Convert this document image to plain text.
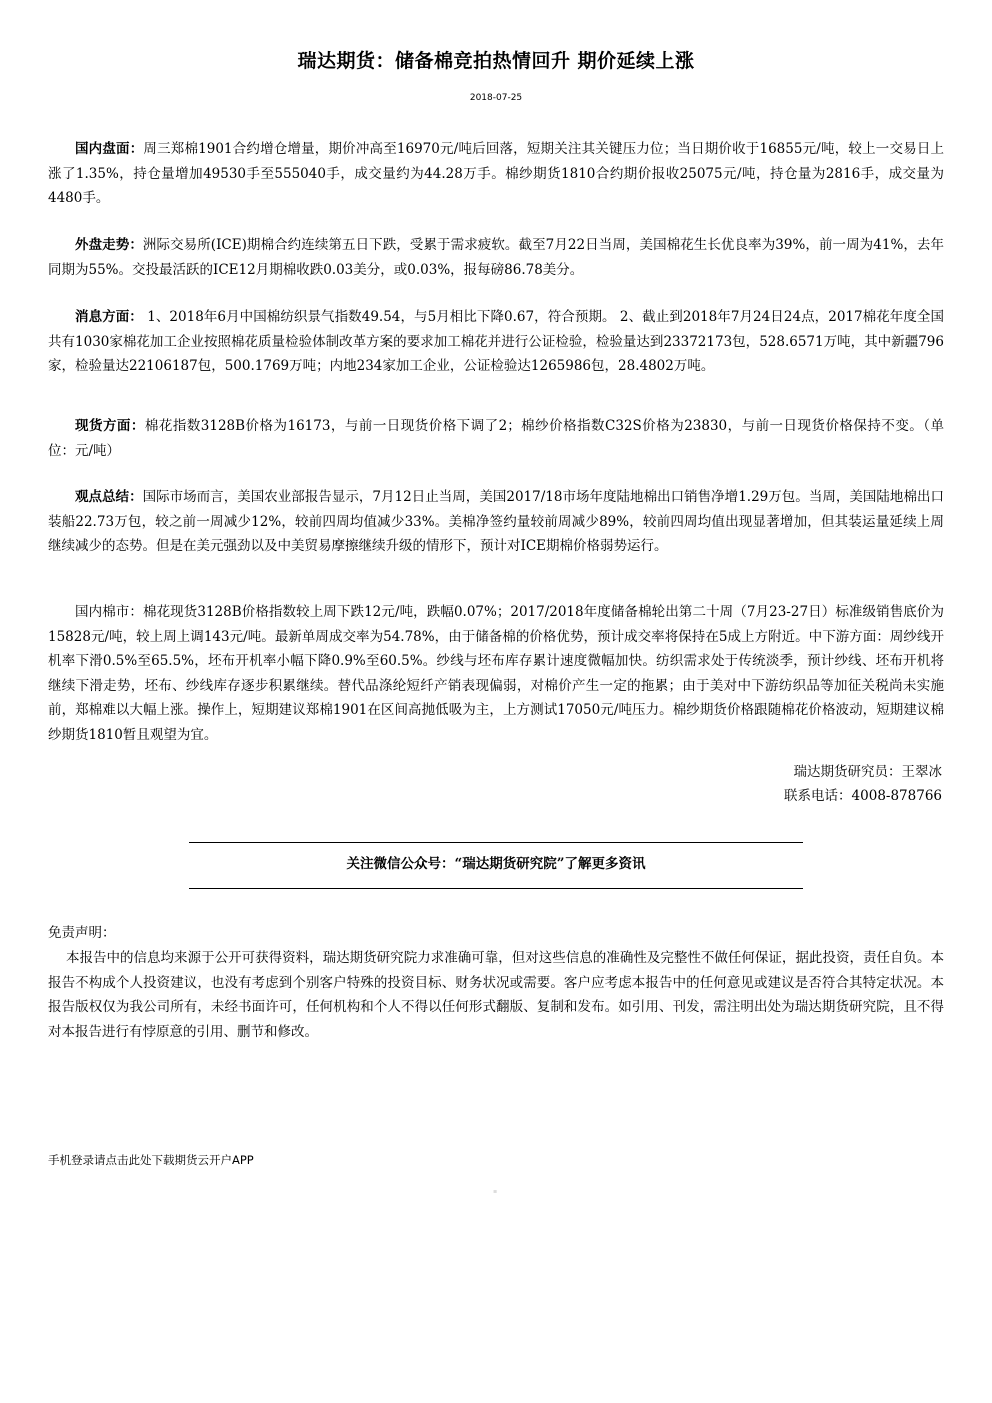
瑞达期货：储备棉竞拍热情回升 期价延续上涨
2018-07-25

国内盘面：周三郑棉1901合约增仓增量，期价冲高至16970元/吨后回落，短期关注其关键压力位；当日期价收于16855元/吨，较上一交易日上涨了1.35%，持仓量增加49530手至555040手，成交量约为44.28万手。棉纱期货1810合约期价报收25075元/吨，持仓量为2816手，成交量为4480手。

外盘走势：洲际交易所(ICE)期棉合约连续第五日下跌，受累于需求疲软。截至7月22日当周，美国棉花生长优良率为39%，前一周为41%，去年同期为55%。交投最活跃的ICE12月期棉收跌0.03美分，或0.03%，报每磅86.78美分。

消息方面： 1、2018年6月中国棉纺织景气指数49.54，与5月相比下降0.67，符合预期。 2、截止到2018年7月24日24点，2017棉花年度全国共有1030家棉花加工企业按照棉花质量检验体制改革方案的要求加工棉花并进行公证检验，检验量达到23372173包，528.6571万吨，其中新疆796家，检验量达22106187包，500.1769万吨；内地234家加工企业，公证检验达1265986包，28.4802万吨。

现货方面：棉花指数3128B价格为16173，与前一日现货价格下调了2；棉纱价格指数C32S价格为23830，与前一日现货价格保持不变。（单位：元/吨）

观点总结：国际市场而言，美国农业部报告显示，7月12日止当周，美国2017/18市场年度陆地棉出口销售净增1.29万包。当周，美国陆地棉出口装船22.73万包，较之前一周减少12%，较前四周均值减少33%。美棉净签约量较前周减少89%，较前四周均值出现显著增加，但其装运量延续上周继续减少的态势。但是在美元强劲以及中美贸易摩擦继续升级的情形下，预计对ICE期棉价格弱势运行。

国内棉市：棉花现货3128B价格指数较上周下跌12元/吨，跌幅0.07%；2017/2018年度储备棉轮出第二十周（7月23-27日）标准级销售底价为15828元/吨，较上周上调143元/吨。最新单周成交率为54.78%，由于储备棉的价格优势，预计成交率将保持在5成上方附近。中下游方面：周纱线开机率下滑0.5%至65.5%，坯布开机率小幅下降0.9%至60.5%。纱线与坯布库存累计速度微幅加快。纺织需求处于传统淡季，预计纱线、坯布开机将继续下滑走势，坯布、纱线库存逐步积累继续。替代品涤纶短纤产销表现偏弱，对棉价产生一定的拖累；由于美对中下游纺织品等加征关税尚未实施前，郑棉难以大幅上涨。操作上，短期建议郑棉1901在区间高抛低吸为主，上方测试17050元/吨压力。棉纱期货价格跟随棉花价格波动，短期建议棉纱期货1810暂且观望为宜。

瑞达期货研究员：王翠冰
联系电话：4008-878766
关注微信公众号：“瑞达期货研究院”了解更多资讯
免责声明：

本报告中的信息均来源于公开可获得资料，瑞达期货研究院力求准确可靠，但对这些信息的准确性及完整性不做任何保证，据此投资，责任自负。本报告不构成个人投资建议，也没有考虑到个别客户特殊的投资目标、财务状况或需要。客户应考虑本报告中的任何意见或建议是否符合其特定状况。本报告版权仅为我公司所有，未经书面许可，任何机构和个人不得以任何形式翻版、复制和发布。如引用、刊发，需注明出处为瑞达期货研究院，且不得对本报告进行有悖原意的引用、删节和修改。

手机登录请点击此处下载期货云开户APP
≡
